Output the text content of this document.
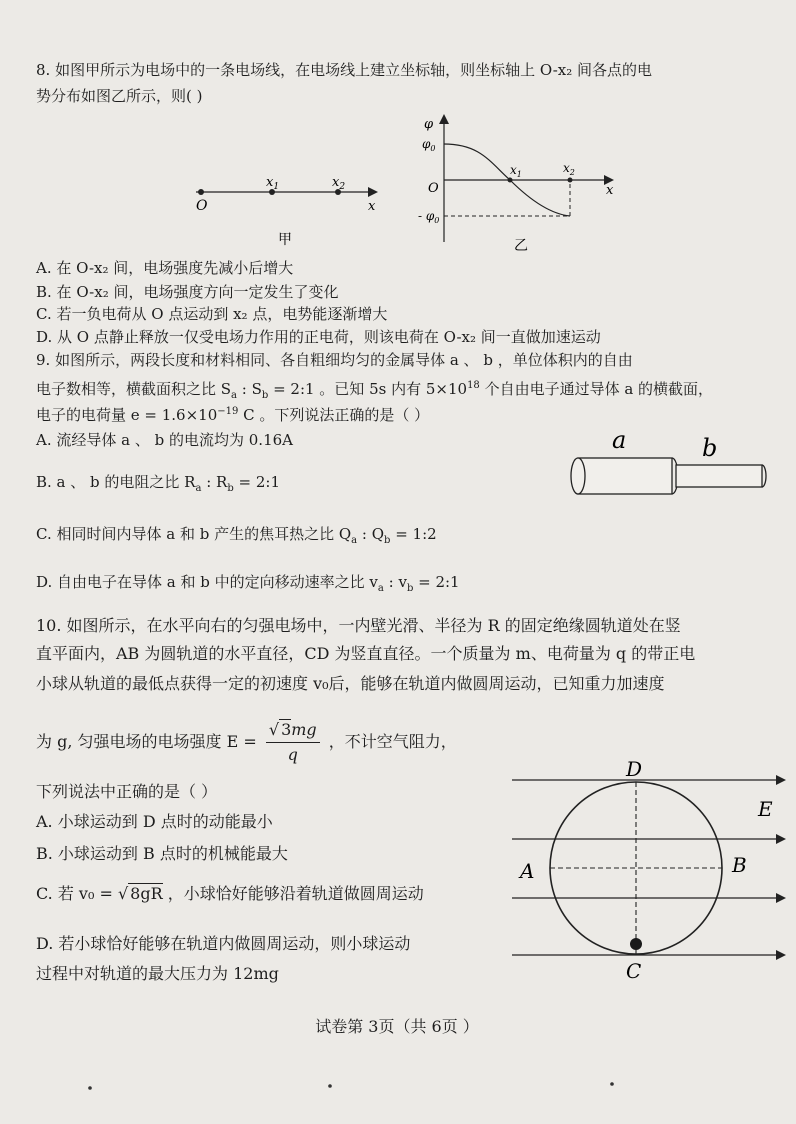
8. 如图甲所示为电场中的一条电场线，在电场线上建立坐标轴，则坐标轴上 O-x₂ 间各点的电
势分布如图乙所示，则( )
O
$x_1$	$x_2$
x
甲
φ
$\varphi_0$
O
- $\varphi_0$
$x_1$	$x_2$
x
乙
A. 在 O-x₂ 间，电场强度先减小后增大
B. 在 O-x₂ 间，电场强度方向一定发生了变化
C. 若一负电荷从 O 点运动到 x₂ 点，电势能逐渐增大
D. 从 O 点静止释放一仅受电场力作用的正电荷，则该电荷在 O-x₂ 间一直做加速运动
9. 如图所示，两段长度和材料相同、各自粗细均匀的金属导体 a 、 b ，单位体积内的自由
电子数相等，横截面积之比 $S_a$ : $S_b$ = 2:1 。已知 5s 内有 $5\times 10^{18}$ 个自由电子通过导体 a 的横截面，
电子的电荷量 $e = 1.6\times 10^{-19}$ C 。下列说法正确的是（ ）
A. 流经导体 a 、 b 的电流均为 0.16A
B. a 、 b 的电阻之比 $R_a$ : $R_b$ = 2:1
C. 相同时间内导体 a 和 b 产生的焦耳热之比 $Q_a$ : $Q_b$ = 1:2
D. 自由电子在导体 a 和 b 中的定向移动速率之比 $v_a$ : $v_b$ = 2:1
a	b
10. 如图所示，在水平向右的匀强电场中，一内壁光滑、半径为 R 的固定绝缘圆轨道处在竖
直平面内，AB 为圆轨道的水平直径，CD 为竖直直径。一个质量为 m、电荷量为 q 的带正电
小球从轨道的最低点获得一定的初速度 v₀后，能够在轨道内做圆周运动，已知重力加速度
为 g, 匀强电场的电场强度 $E = \frac{√ 3mg}{q}$ ，不计空气阻力，
下列说法中正确的是（ ）
A. 小球运动到 D 点时的动能最小
B. 小球运动到 B 点时的机械能最大
C. 若 v₀ = √ 8gR ，小球恰好能够沿着轨道做圆周运动
D. 若小球恰好能够在轨道内做圆周运动，则小球运动
过程中对轨道的最大压力为 12mg
D
A	B
C
E
试卷第 3页（共 6页 ）
